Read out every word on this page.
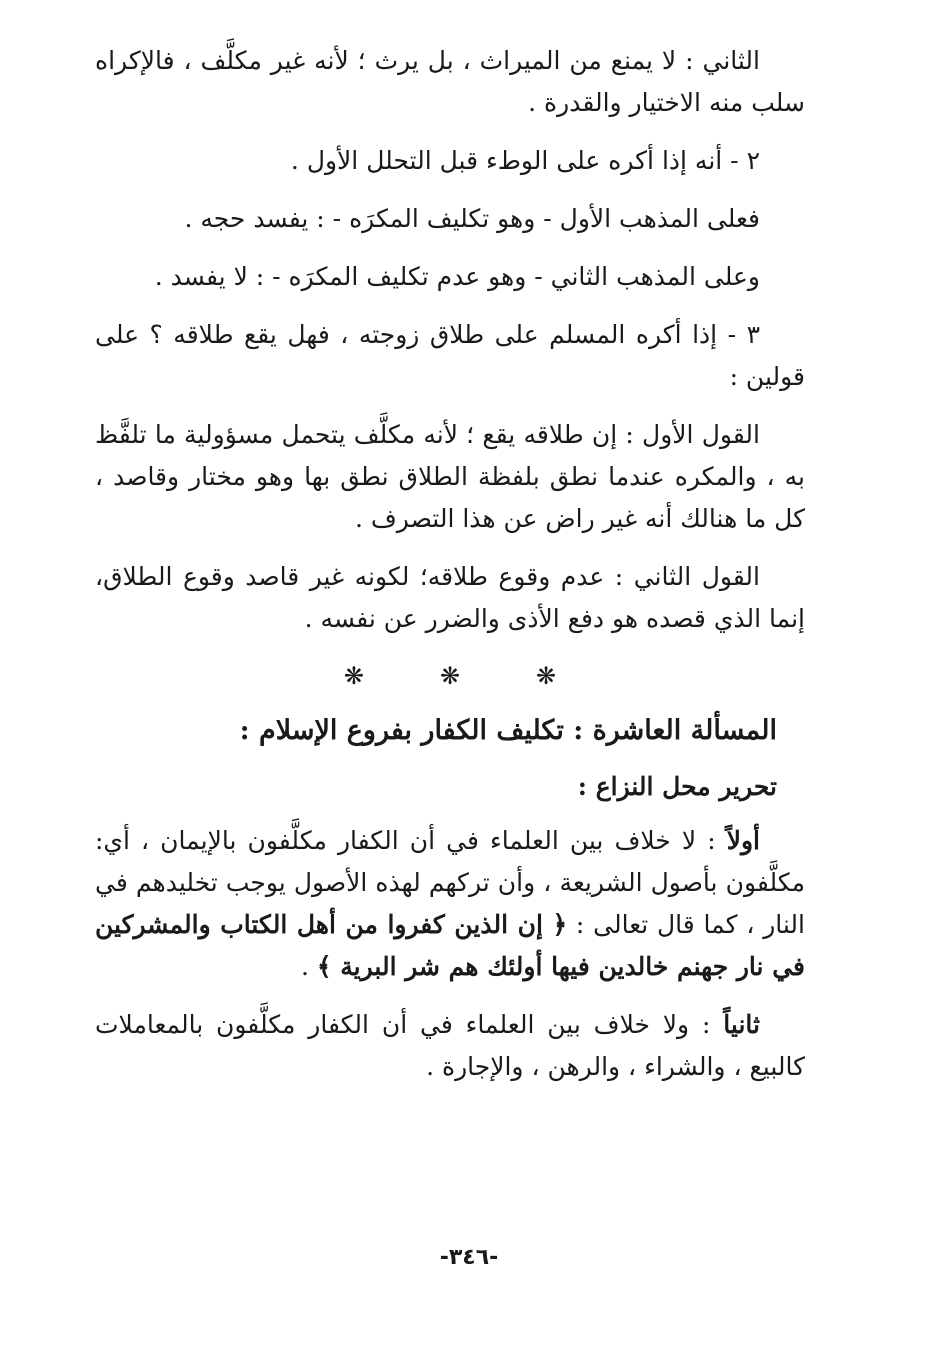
الثاني : لا يمنع من الميراث ، بل يرث ؛ لأنه غير مكلَّف ، فالإكراه سلب منه الاختيار والقدرة .

٢ - أنه إذا أكره على الوطء قبل التحلل الأول .

فعلى المذهب الأول - وهو تكليف المكرَه - : يفسد حجه .

وعلى المذهب الثاني - وهو عدم تكليف المكرَه - : لا يفسد .

٣ - إذا أكره المسلم على طلاق زوجته ، فهل يقع طلاقه ؟ على قولين :

القول الأول : إن طلاقه يقع ؛ لأنه مكلَّف يتحمل مسؤولية ما تلفَّظ به ، والمكره عندما نطق بلفظة الطلاق نطق بها وهو مختار وقاصد ، كل ما هنالك أنه غير راض عن هذا التصرف .

القول الثاني : عدم وقوع طلاقه؛ لكونه غير قاصد وقوع الطلاق، إنما الذي قصده هو دفع الأذى والضرر عن نفسه .

❋❋❋

المسألة العاشرة : تكليف الكفار بفروع الإسلام :

تحرير محل النزاع :

أولاً : لا خلاف بين العلماء في أن الكفار مكلَّفون بالإيمان ، أي: مكلَّفون بأصول الشريعة ، وأن تركهم لهذه الأصول يوجب تخليدهم في النار ، كما قال تعالى : ﴿ إن الذين كفروا من أهل الكتاب والمشركين في نار جهنم خالدين فيها أولئك هم شر البرية ﴾ .

ثانياً : ولا خلاف بين العلماء في أن الكفار مكلَّفون بالمعاملات كالبيع ، والشراء ، والرهن ، والإجارة .

-٣٤٦-
